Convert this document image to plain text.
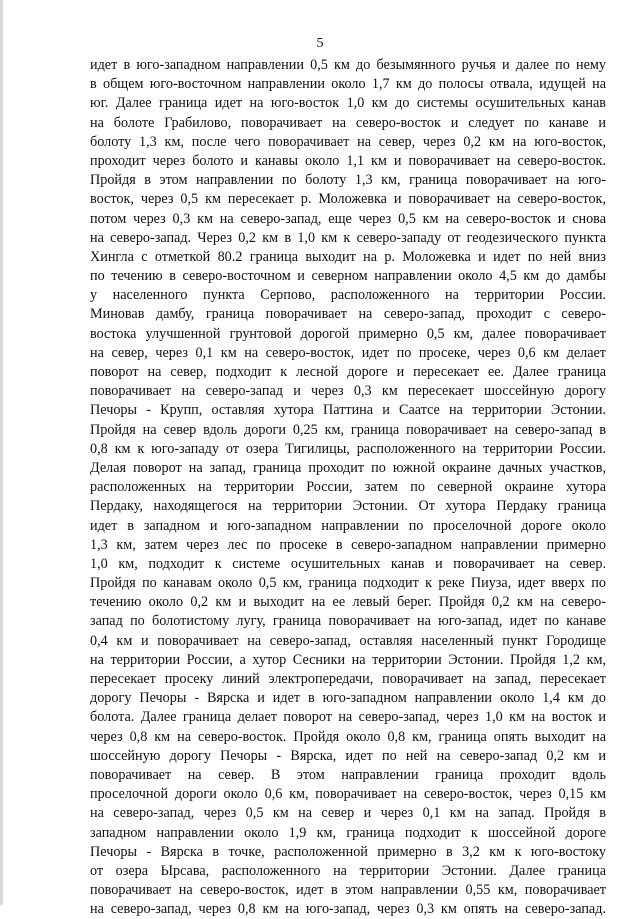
5
идет в юго-западном направлении 0,5 км до безымянного ручья и далее по нему
в общем юго-восточном направлении около 1,7 км до полосы отвала, идущей на
юг. Далее граница идет на юго-восток 1,0 км до системы осушительных канав
на болоте Грабилово, поворачивает на северо-восток и следует по канаве и
болоту 1,3 км, после чего поворачивает на север, через 0,2 км на юго-восток,
проходит через болото и канавы около 1,1 км и поворачивает на северо-восток.
Пройдя в этом направлении по болоту 1,3 км, граница поворачивает на юго-
восток, через 0,5 км пересекает р. Моложевка и поворачивает на северо-восток,
потом через 0,3 км на северо-запад, еще через 0,5 км на северо-восток и снова
на северо-запад. Через 0,2 км в 1,0 км к северо-западу от геодезического пункта
Хингла с отметкой 80.2 граница выходит на р. Моложевка и идет по ней вниз
по течению в северо-восточном и северном направлении около 4,5 км до дамбы
у населенного пункта Серпово, расположенного на территории России.
Миновав дамбу, граница поворачивает на северо-запад, проходит с северо-
востока улучшенной грунтовой дорогой примерно 0,5 км, далее поворачивает
на север, через 0,1 км на северо-восток, идет по просеке, через 0,6 км делает
поворот на север, подходит к лесной дороге и пересекает ее. Далее граница
поворачивает на северо-запад и через 0,3 км пересекает шоссейную дорогу
Печоры - Крупп, оставляя хутора Паттина и Саатсе на территории Эстонии.
Пройдя на север вдоль дороги 0,25 км, граница поворачивает на северо-запад в
0,8 км к юго-западу от озера Тигилицы, расположенного на территории России.
Делая поворот на запад, граница проходит по южной окраине дачных участков,
расположенных на территории России, затем по северной окраине хутора
Пердаку, находящегося на территории Эстонии. От хутора Пердаку граница
идет в западном и юго-западном направлении по проселочной дороге около
1,3 км, затем через лес по просеке в северо-западном направлении примерно
1,0 км, подходит к системе осушительных канав и поворачивает на север.
Пройдя по канавам около 0,5 км, граница подходит к реке Пиуза, идет вверх по
течению около 0,2 км и выходит на ее левый берег. Пройдя 0,2 км на северо-
запад по болотистому лугу, граница поворачивает на юго-запад, идет по канаве
0,4 км и поворачивает на северо-запад, оставляя населенный пункт Городище
на территории России, а хутор Сесники на территории Эстонии. Пройдя 1,2 км,
пересекает просеку линий электропередачи, поворачивает на запад, пересекает
дорогу Печоры - Вярска и идет в юго-западном направлении около 1,4 км до
болота. Далее граница делает поворот на северо-запад, через 1,0 км на восток и
через 0,8 км на северо-восток. Пройдя около 0,8 км, граница опять выходит на
шоссейную дорогу Печоры - Вярска, идет по ней на северо-запад 0,2 км и
поворачивает на север. В этом направлении граница проходит вдоль
проселочной дороги около 0,6 км, поворачивает на северо-восток, через 0,15 км
на северо-запад, через 0,5 км на север и через 0,1 км на запад. Пройдя в
западном направлении около 1,9 км, граница подходит к шоссейной дороге
Печоры - Вярска в точке, расположенной примерно в 3,2 км к юго-востоку
от озера Ырсава, расположенного на территории Эстонии. Далее граница
поворачивает на северо-восток, идет в этом направлении 0,55 км, поворачивает
на северо-запад, через 0,8 км на юго-запад, через 0,3 км опять на северо-запад.
